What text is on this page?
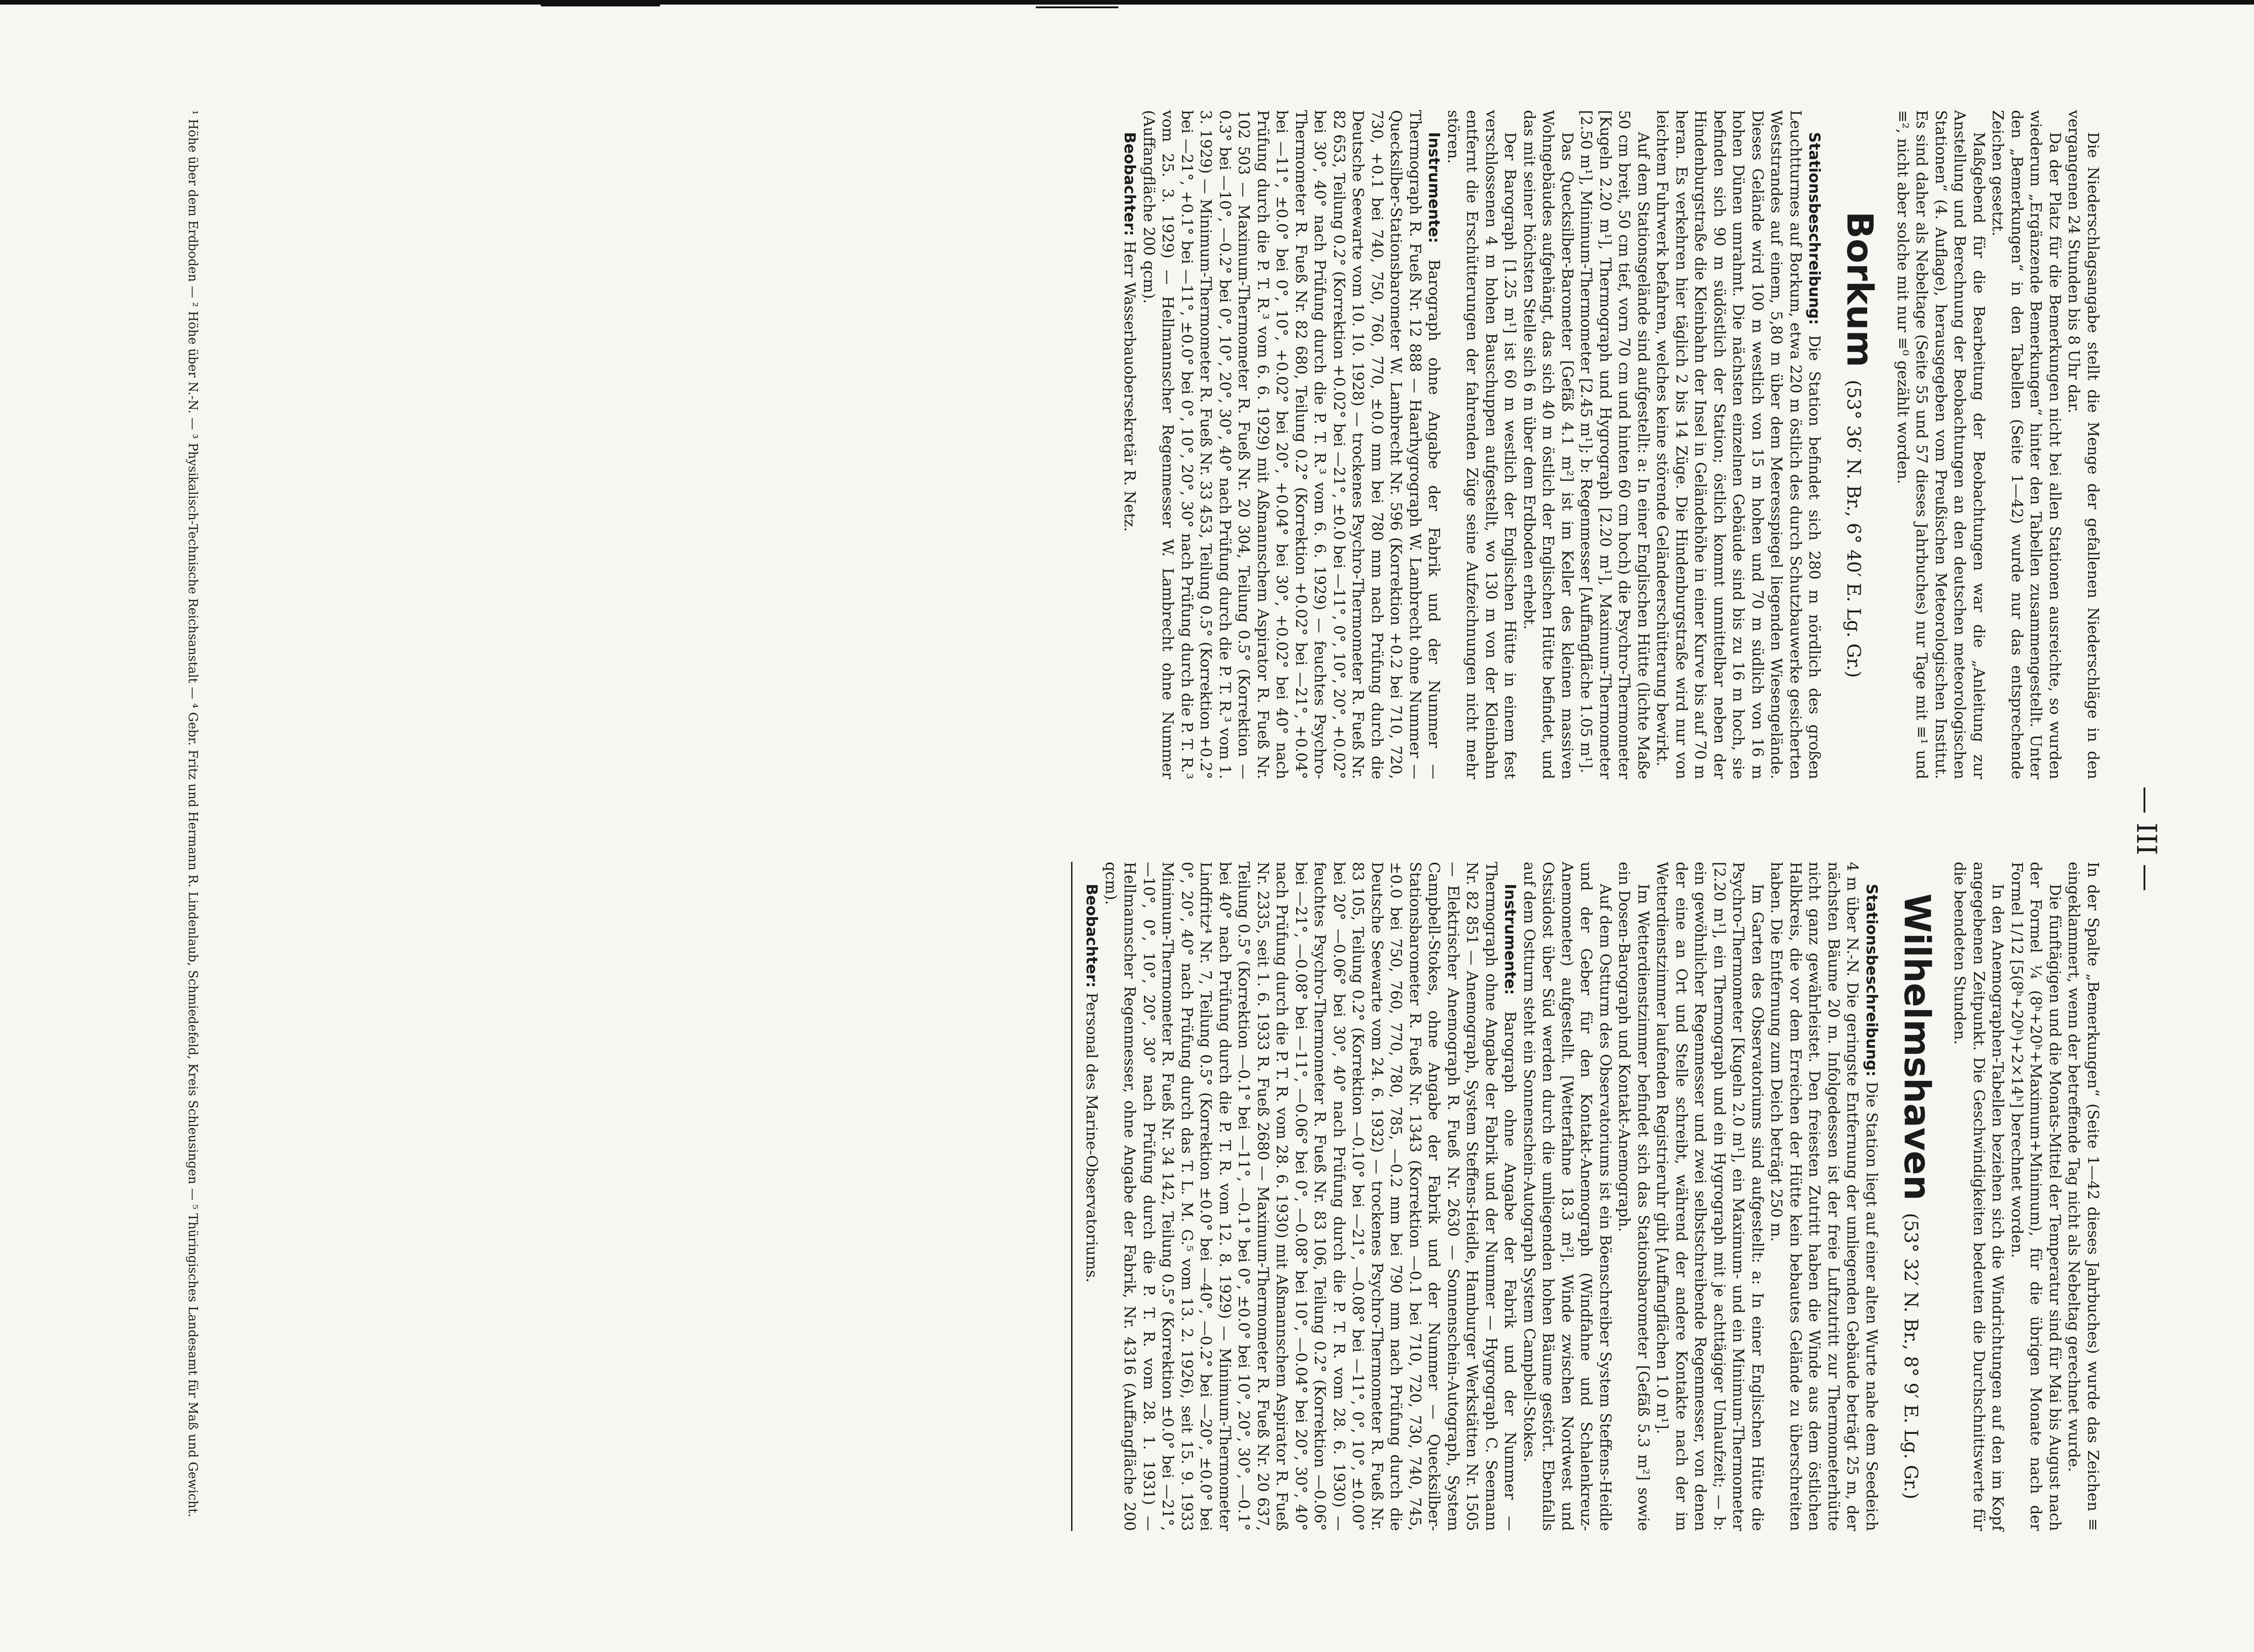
— III —

Die Niederschlagsangabe stellt die Menge der gefallenen Niederschläge in den vergangenen 24 Stunden bis 8 Uhr dar.

Da der Platz für die Bemerkungen nicht bei allen Stationen ausreichte, so wurden wiederum „Ergänzende Bemerkungen“ hinter den Tabellen zusammengestellt. Unter den „Bemerkungen“ in den Tabellen (Seite 1—42) wurde nur das entsprechende Zeichen gesetzt.

Maßgebend für die Bearbeitung der Beobachtungen war die „Anleitung zur Anstellung und Berechnung der Beobachtungen an den deutschen meteorologischen Stationen“ (4. Auflage), herausgegeben vom Preußischen Meteorologischen Institut. Es sind daher als Nebeltage (Seite 55 und 57 dieses Jahrbuches) nur Tage mit ≡¹ und ≡², nicht aber solche mit nur ≡⁰ gezählt worden.

Borkum (53° 36′ N. Br., 6° 40′ E. Lg. Gr.)

Stationsbeschreibung: Die Station befindet sich 280 m nördlich des großen Leuchtturmes auf Borkum, etwa 220 m östlich des durch Schutzbauwerke gesicherten Weststrandes auf einem, 5,80 m über dem Meeresspiegel liegenden Wiesengelände. Dieses Gelände wird 100 m westlich von 15 m hohen und 70 m südlich von 16 m hohen Dünen umrahmt. Die nächsten einzelnen Gebäude sind bis zu 16 m hoch, sie befinden sich 90 m südöstlich der Station; östlich kommt unmittelbar neben der Hindenburgstraße die Kleinbahn der Insel in Geländehöhe in einer Kurve bis auf 70 m heran. Es verkehren hier täglich 2 bis 14 Züge. Die Hindenburgstraße wird nur von leichtem Fuhrwerk befahren, welches keine störende Geländeerschütterung bewirkt.

Auf dem Stationsgelände sind aufgestellt: a: In einer Englischen Hütte (lichte Maße 50 cm breit, 50 cm tief, vorn 70 cm und hinten 60 cm hoch) die Psychro-Thermometer [Kugeln 2.20 m¹], Thermograph und Hygrograph [2.20 m¹], Maximum-Thermometer [2.50 m¹], Minimum-Thermometer [2.45 m¹]; b: Regenmesser [Auffangfläche 1.05 m¹].

Das Quecksilber-Barometer [Gefäß 4.1 m²] ist im Keller des kleinen massiven Wohngebäudes aufgehängt, das sich 40 m östlich der Englischen Hütte befindet, und das mit seiner höchsten Stelle sich 6 m über dem Erdboden erhebt.

Der Barograph [1.25 m¹] ist 60 m westlich der Englischen Hütte in einem fest verschlossenen 4 m hohen Bauschuppen aufgestellt, wo 130 m von der Kleinbahn entfernt die Erschütterungen der fahrenden Züge seine Aufzeichnungen nicht mehr stören.

Instrumente: Barograph ohne Angabe der Fabrik und der Nummer — Thermograph R. Fueß Nr. 12 888 — Haarhygrograph W. Lambrecht ohne Nummer — Quecksilber-Stationsbarometer W. Lambrecht Nr. 596 (Korrektion +0.2 bei 710, 720, 730, +0.1 bei 740, 750, 760, 770, ±0.0 mm bei 780 mm nach Prüfung durch die Deutsche Seewarte vom 10. 10. 1928) — trockenes Psychro-Thermometer R. Fueß Nr. 82 653, Teilung 0.2° (Korrektion +0.02° bei —21°, ±0.0 bei —11°, 0°, 10°, 20°, +0.02° bei 30°, 40° nach Prüfung durch die P. T. R.³ vom 6. 6. 1929) — feuchtes Psychro-Thermometer R. Fueß Nr. 82 680, Teilung 0.2° (Korrektion +0.02° bei —21°, +0.04° bei —11°, ±0.0° bei 0°, 10°, +0.02° bei 20°, +0.04° bei 30°, +0.02° bei 40° nach Prüfung durch die P. T. R.³ vom 6. 6. 1929) mit Aßmannschem Aspirator R. Fueß Nr. 102 503 — Maximum-Thermometer R. Fueß Nr. 20 304, Teilung 0.5° (Korrektion —0.3° bei —10°, —0.2° bei 0°, 10°, 20°, 30°, 40° nach Prüfung durch die P. T. R.³ vom 1. 3. 1929) — Minimum-Thermometer R. Fueß Nr. 33 453, Teilung 0.5° (Korrektion +0.2° bei —21°, +0.1° bei —11°, ±0.0° bei 0°, 10°, 20°, 30° nach Prüfung durch die P. T. R.³ vom 25. 3. 1929) — Hellmannscher Regenmesser W. Lambrecht ohne Nummer (Auffangfläche 200 qcm).

Beobachter: Herr Wasserbauobersekretär R. Netz.

In der Spalte „Bemerkungen“ (Seite 1—42 dieses Jahrbuches) wurde das Zeichen ≡ eingeklammert, wenn der betreffende Tag nicht als Nebeltag gerechnet wurde.

Die fünftägigen und die Monats-Mittel der Temperatur sind für Mai bis August nach der Formel ¼ (8ʰ+20ʰ+Maximum+Minimum), für die übrigen Monate nach der Formel 1/12 [5(8ʰ+20ʰ)+2×14ʰ] berechnet worden.

In den Anemographen-Tabellen beziehen sich die Windrichtungen auf den im Kopf angegebenen Zeitpunkt. Die Geschwindigkeiten bedeuten die Durchschnittswerte für die beendeten Stunden.

Wilhelmshaven (53° 32′ N. Br., 8° 9′ E. Lg. Gr.)

Stationsbeschreibung: Die Station liegt auf einer alten Wurte nahe dem Seedeich 4 m über N.-N. Die geringste Entfernung der umliegenden Gebäude beträgt 25 m, der nächsten Bäume 20 m. Infolgedessen ist der freie Luftzutritt zur Thermometerhütte nicht ganz gewährleistet. Den freiesten Zutritt haben die Winde aus dem östlichen Halbkreis, die vor dem Erreichen der Hütte kein bebautes Gelände zu überschreiten haben. Die Entfernung zum Deich beträgt 250 m.

Im Garten des Observatoriums sind aufgestellt: a: In einer Englischen Hütte die Psychro-Thermometer [Kugeln 2.0 m¹], ein Maximum- und ein Minimum-Thermometer [2.20 m¹], ein Thermograph und ein Hygrograph mit je achttägiger Umlaufzeit; — b: ein gewöhnlicher Regenmesser und zwei selbstschreibende Regenmesser, von denen der eine an Ort und Stelle schreibt, während der andere Kontakte nach der im Wetterdienstzimmer laufenden Registrieruhr gibt [Auffangflächen 1.0 m¹].

Im Wetterdienstzimmer befindet sich das Stationsbarometer [Gefäß 5.3 m²] sowie ein Dosen-Barograph und Kontakt-Anemograph.

Auf dem Ostturm des Observatoriums ist ein Böenschreiber System Steffens-Heidle und der Geber für den Kontakt-Anemograph (Windfahne und Schalenkreuz-Anemometer) aufgestellt. [Wetterfahne 18.3 m²]. Winde zwischen Nordwest und Ostsüdost über Süd werden durch die umliegenden hohen Bäume gestört. Ebenfalls auf dem Ostturm steht ein Sonnenschein-Autograph System Campbell-Stokes.

Instrumente: Barograph ohne Angabe der Fabrik und der Nummer — Thermograph ohne Angabe der Fabrik und der Nummer — Hygrograph C. Seemann Nr. 82 851 — Anemograph, System Steffens-Heidle, Hamburger Werkstätten Nr. 1505 — Elektrischer Anemograph R. Fueß Nr. 2630 — Sonnenschein-Autograph, System Campbell-Stokes, ohne Angabe der Fabrik und der Nummer — Quecksilber-Stationsbarometer R. Fueß Nr. 1343 (Korrektion —0.1 bei 710, 720, 730, 740, 745, ±0.0 bei 750, 760, 770, 780, 785, —0.2 mm bei 790 mm nach Prüfung durch die Deutsche Seewarte vom 24. 6. 1932) — trockenes Psychro-Thermometer R. Fueß Nr. 83 105, Teilung 0.2° (Korrektion —0.10° bei —21°, —0.08° bei —11°, 0°, 10°, ±0.00° bei 20° —0.06° bei 30°, 40° nach Prüfung durch die P. T. R. vom 28. 6. 1930) — feuchtes Psychro-Thermometer R. Fueß Nr. 83 106, Teilung 0.2° (Korrektion —0.06° bei —21°, —0.08° bei —11°, —0.06° bei 0°, —0.08° bei 10°, —0.04° bei 20°, 30°, 40° nach Prüfung durch die P. T. R. vom 28. 6. 1930) mit Aßmannschem Aspirator R. Fueß Nr. 2335, seit 1. 6. 1933 R. Fueß 2680 — Maximum-Thermometer R. Fueß Nr. 20 637, Teilung 0.5° (Korrektion —0.1° bei —11°, —0.1° bei 0°, ±0.0° bei 10°, 20°, 30°, —0.1° bei 40° nach Prüfung durch die P. T. R. vom 12. 8. 1929) — Minimum-Thermometer Lindfritz⁴ Nr. 7, Teilung 0.5° (Korrektion ±0.0° bei —40°, —0.2° bei —20°, ±0.0° bei 0°, 20°, 40° nach Prüfung durch das T. L. M. G.⁵ vom 13. 2. 1926), seit 15. 9. 1933 Minimum-Thermometer R. Fueß Nr. 34 142, Teilung 0.5° (Korrektion ±0.0° bei —21°, —10°, 0°, 10°, 20°, 30° nach Prüfung durch die P. T. R. vom 28. 1. 1931) — Hellmannscher Regenmesser, ohne Angabe der Fabrik, Nr. 4316 (Auffangfläche 200 qcm).

Beobachter: Personal des Marine-Observatoriums.

¹ Höhe über dem Erdboden — ² Höhe über N.-N. — ³ Physikalisch-Technische Reichsanstalt — ⁴ Gebr. Fritz und Hermann R. Lindenlaub, Schmiedefeld, Kreis Schleusingen — ⁵ Thüringisches Landesamt für Maß und Gewicht.
